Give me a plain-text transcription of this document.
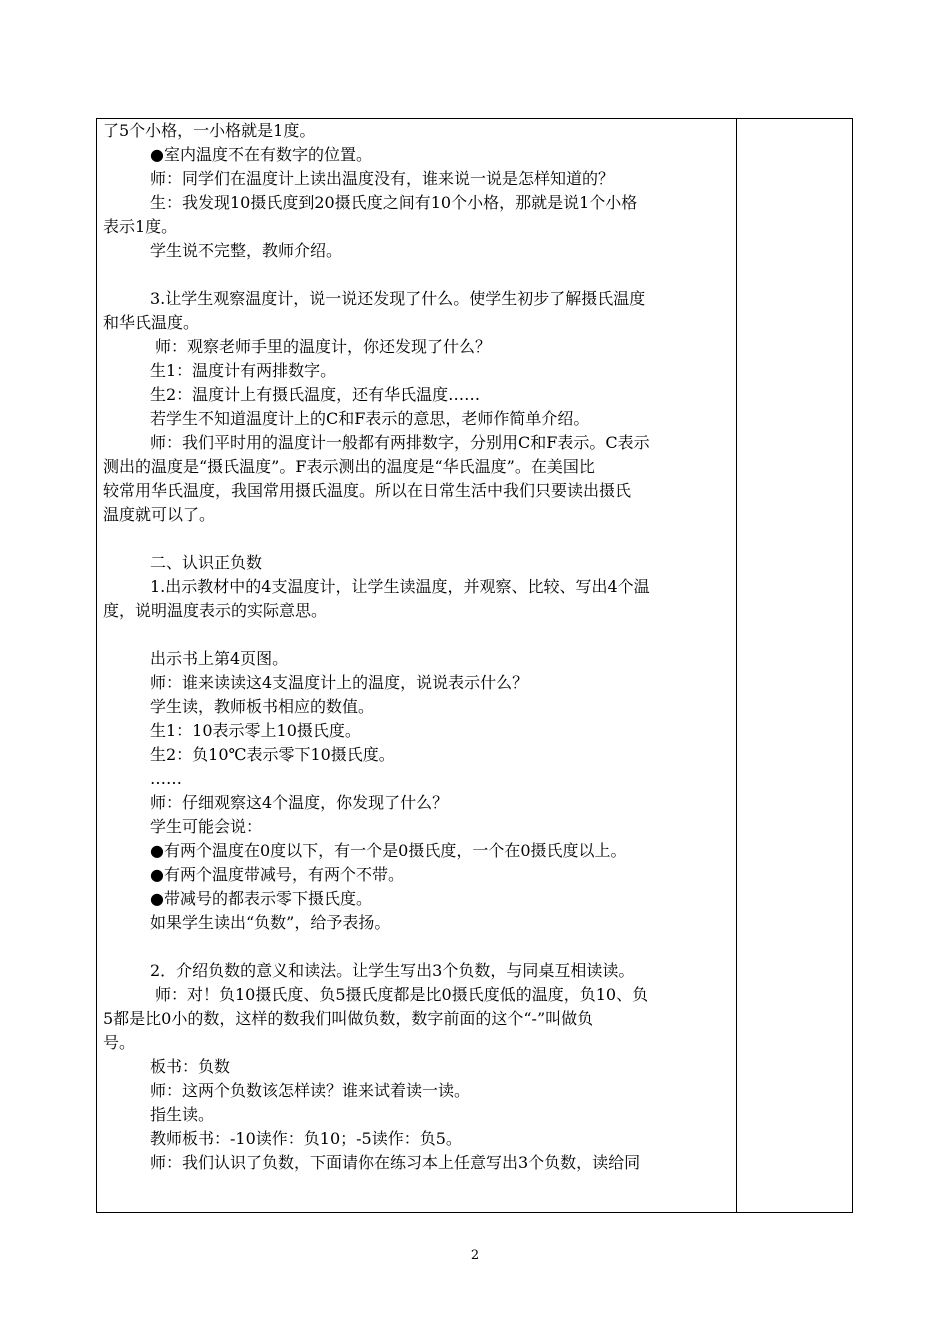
了5个小格，一小格就是1度。
●室内温度不在有数字的位置。
师：同学们在温度计上读出温度没有，谁来说一说是怎样知道的？
生：我发现10摄氏度到20摄氏度之间有10个小格，那就是说1个小格
表示1度。
学生说不完整，教师介绍。
3.让学生观察温度计，说一说还发现了什么。使学生初步了解摄氏温度
和华氏温度。
师：观察老师手里的温度计，你还发现了什么？
生1：温度计有两排数字。
生2：温度计上有摄氏温度，还有华氏温度……
若学生不知道温度计上的C和F表示的意思，老师作简单介绍。
师：我们平时用的温度计一般都有两排数字，分别用C和F表示。C表示
测出的温度是“摄氏温度”。F表示测出的温度是“华氏温度”。在美国比
较常用华氏温度，我国常用摄氏温度。所以在日常生活中我们只要读出摄氏
温度就可以了。
二、认识正负数
1.出示教材中的4支温度计，让学生读温度，并观察、比较、写出4个温
度，说明温度表示的实际意思。
出示书上第4页图。
师：谁来读读这4支温度计上的温度，说说表示什么？
学生读，教师板书相应的数值。
生1：10表示零上10摄氏度。
生2：负10℃表示零下10摄氏度。
……
师：仔细观察这4个温度，你发现了什么？
学生可能会说：
●有两个温度在0度以下，有一个是0摄氏度，一个在0摄氏度以上。
●有两个温度带减号，有两个不带。
●带减号的都表示零下摄氏度。
如果学生读出“负数”，给予表扬。
2．介绍负数的意义和读法。让学生写出3个负数，与同桌互相读读。
师：对！负10摄氏度、负5摄氏度都是比0摄氏度低的温度，负10、负
5都是比0小的数，这样的数我们叫做负数，数字前面的这个“-”叫做负
号。
板书：负数
师：这两个负数该怎样读？谁来试着读一读。
指生读。
教师板书：-10读作：负10；-5读作：负5。
师：我们认识了负数，下面请你在练习本上任意写出3个负数，读给同
2
